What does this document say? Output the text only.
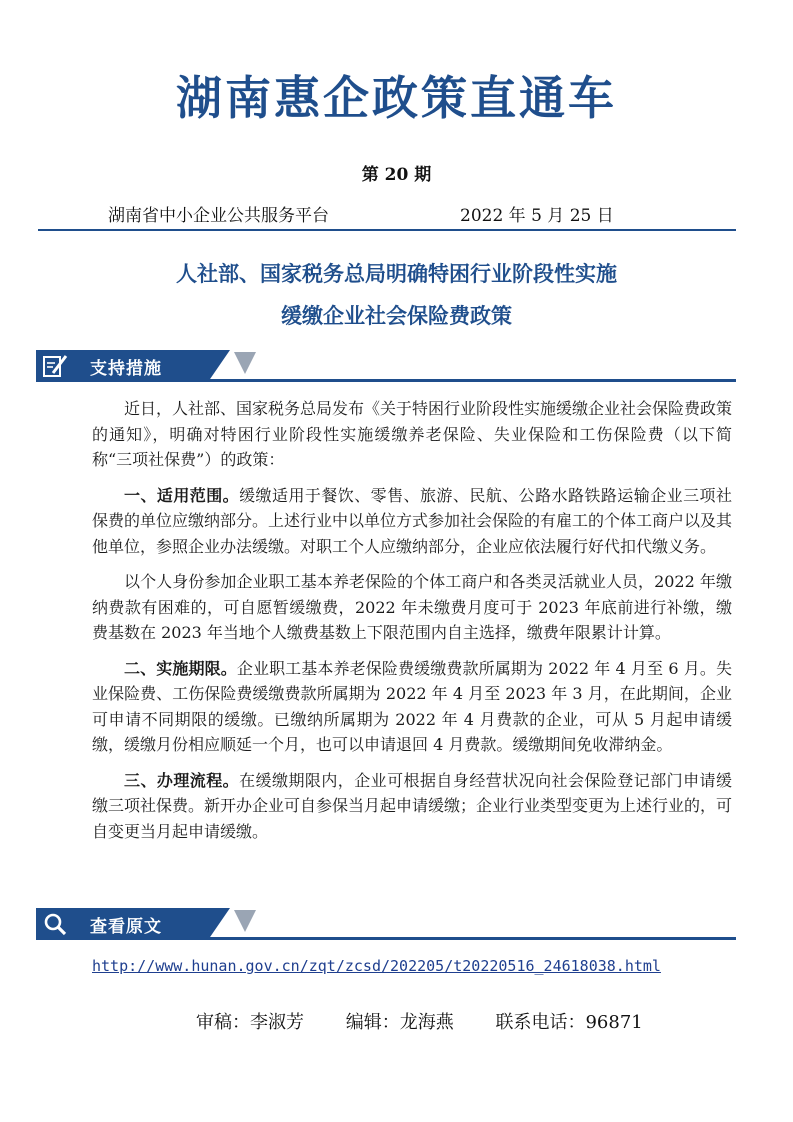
湖南惠企政策直通车
第 20 期
湖南省中小企业公共服务平台	2022 年 5 月 25 日
人社部、国家税务总局明确特困行业阶段性实施
缓缴企业社会保险费政策
支持措施

近日，人社部、国家税务总局发布《关于特困行业阶段性实施缓缴企业社会保险费政策的通知》，明确对特困行业阶段性实施缓缴养老保险、失业保险和工伤保险费（以下简称“三项社保费”）的政策：

一、适用范围。缓缴适用于餐饮、零售、旅游、民航、公路水路铁路运输企业三项社保费的单位应缴纳部分。上述行业中以单位方式参加社会保险的有雇工的个体工商户以及其他单位，参照企业办法缓缴。对职工个人应缴纳部分，企业应依法履行好代扣代缴义务。

以个人身份参加企业职工基本养老保险的个体工商户和各类灵活就业人员，2022 年缴纳费款有困难的，可自愿暂缓缴费，2022 年未缴费月度可于 2023 年底前进行补缴，缴费基数在 2023 年当地个人缴费基数上下限范围内自主选择，缴费年限累计计算。

二、实施期限。企业职工基本养老保险费缓缴费款所属期为 2022 年 4 月至 6 月。失业保险费、工伤保险费缓缴费款所属期为 2022 年 4 月至 2023 年 3 月，在此期间，企业可申请不同期限的缓缴。已缴纳所属期为 2022 年 4 月费款的企业，可从 5 月起申请缓缴，缓缴月份相应顺延一个月，也可以申请退回 4 月费款。缓缴期间免收滞纳金。

三、办理流程。在缓缴期限内，企业可根据自身经营状况向社会保险登记部门申请缓缴三项社保费。新开办企业可自参保当月起申请缓缴；企业行业类型变更为上述行业的，可自变更当月起申请缓缴。

查看原文
http://www.hunan.gov.cn/zqt/zcsd/202205/t20220516_24618038.html
审稿：李淑芳 编辑：龙海燕 联系电话：96871
